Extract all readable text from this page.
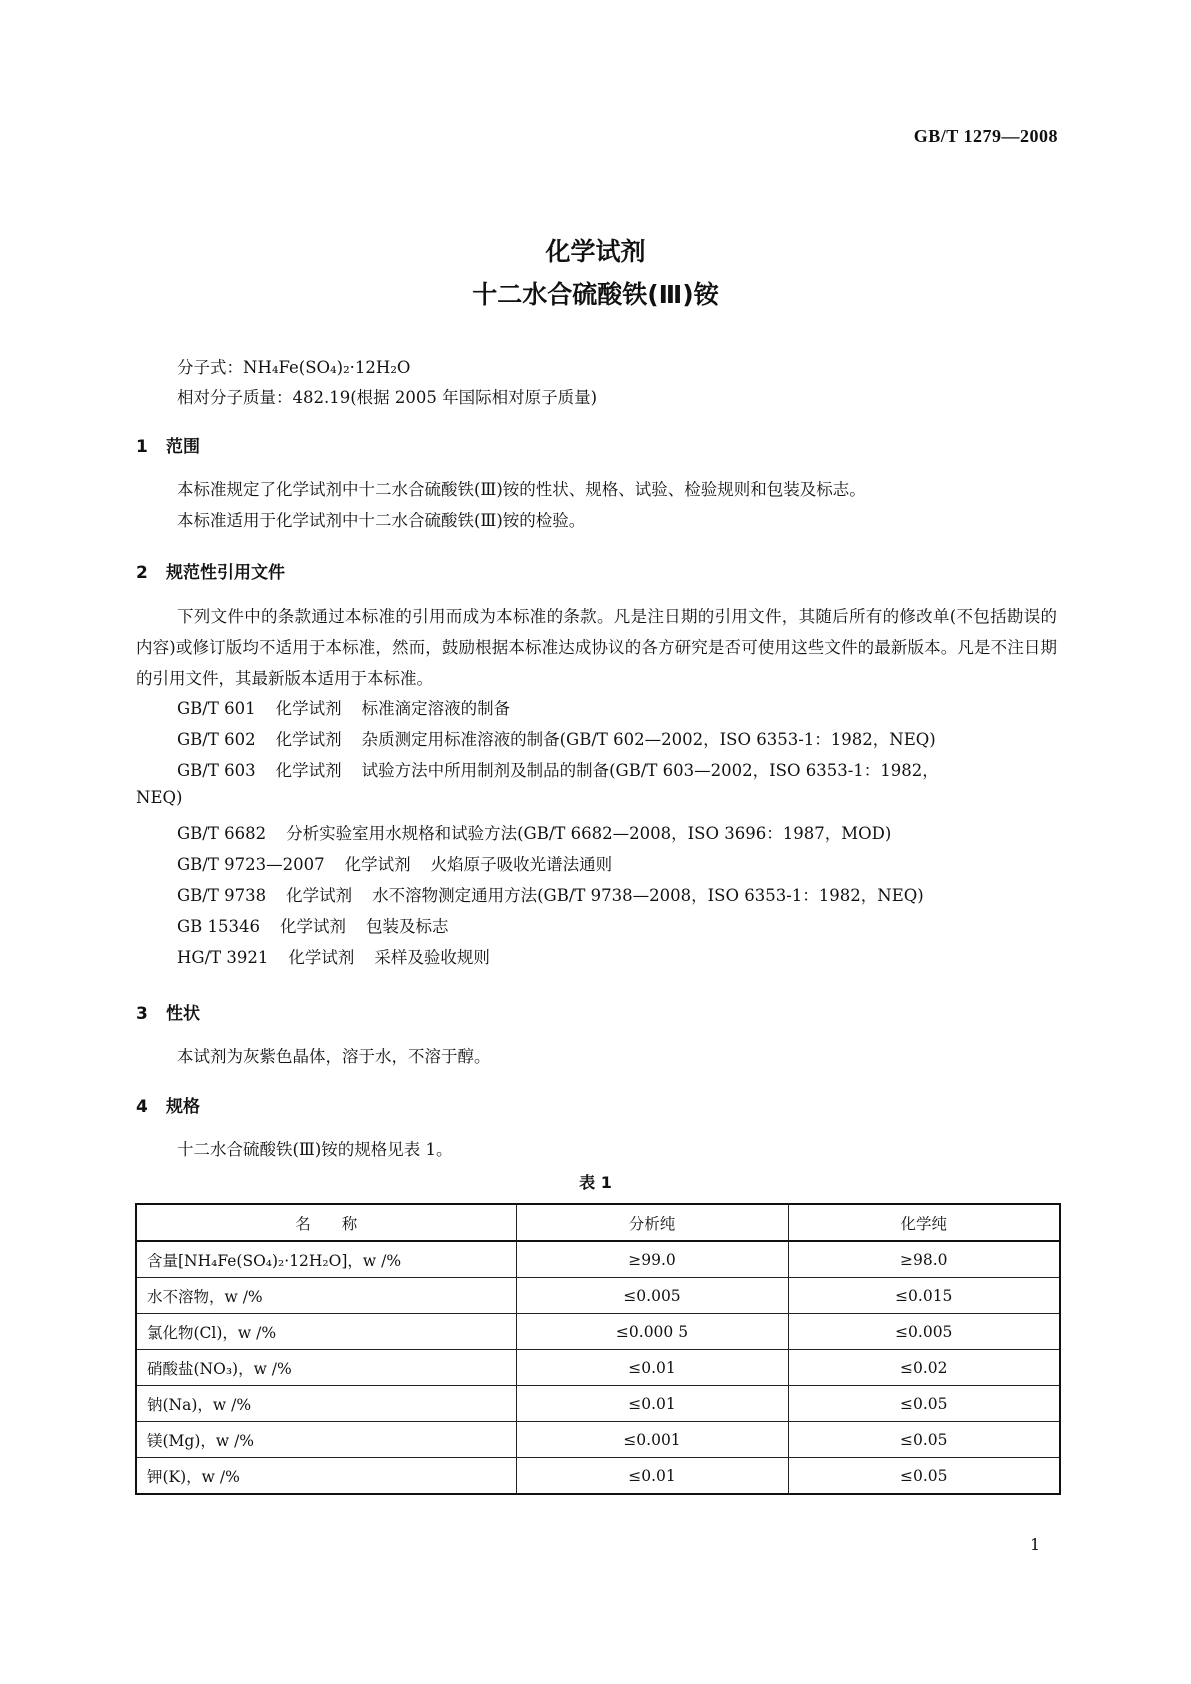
GB/T 1279—2008
化学试剂
十二水合硫酸铁(Ⅲ)铵
分子式：NH₄Fe(SO₄)₂·12H₂O
相对分子质量：482.19(根据 2005 年国际相对原子质量)
1 范围
本标准规定了化学试剂中十二水合硫酸铁(Ⅲ)铵的性状、规格、试验、检验规则和包装及标志。
本标准适用于化学试剂中十二水合硫酸铁(Ⅲ)铵的检验。
2 规范性引用文件
下列文件中的条款通过本标准的引用而成为本标准的条款。凡是注日期的引用文件，其随后所有的修改单(不包括勘误的内容)或修订版均不适用于本标准，然而，鼓励根据本标准达成协议的各方研究是否可使用这些文件的最新版本。凡是不注日期的引用文件，其最新版本适用于本标准。
GB/T 601 化学试剂 标准滴定溶液的制备
GB/T 602 化学试剂 杂质测定用标准溶液的制备(GB/T 602—2002，ISO 6353-1：1982，NEQ)
GB/T 603 化学试剂 试验方法中所用制剂及制品的制备(GB/T 603—2002，ISO 6353-1：1982，
NEQ)
GB/T 6682 分析实验室用水规格和试验方法(GB/T 6682—2008，ISO 3696：1987，MOD)
GB/T 9723—2007 化学试剂 火焰原子吸收光谱法通则
GB/T 9738 化学试剂 水不溶物测定通用方法(GB/T 9738—2008，ISO 6353-1：1982，NEQ)
GB 15346 化学试剂 包装及标志
HG/T 3921 化学试剂 采样及验收规则
3 性状
本试剂为灰紫色晶体，溶于水，不溶于醇。
4 规格
十二水合硫酸铁(Ⅲ)铵的规格见表 1。
表 1
名　　称	分析纯	化学纯
含量[NH₄Fe(SO₄)₂·12H₂O]，w /%	≥99.0	≥98.0
水不溶物，w /%	≤0.005	≤0.015
氯化物(Cl)，w /%	≤0.000 5	≤0.005
硝酸盐(NO₃)，w /%	≤0.01	≤0.02
钠(Na)，w /%	≤0.01	≤0.05
镁(Mg)，w /%	≤0.001	≤0.05
钾(K)，w /%	≤0.01	≤0.05
1
